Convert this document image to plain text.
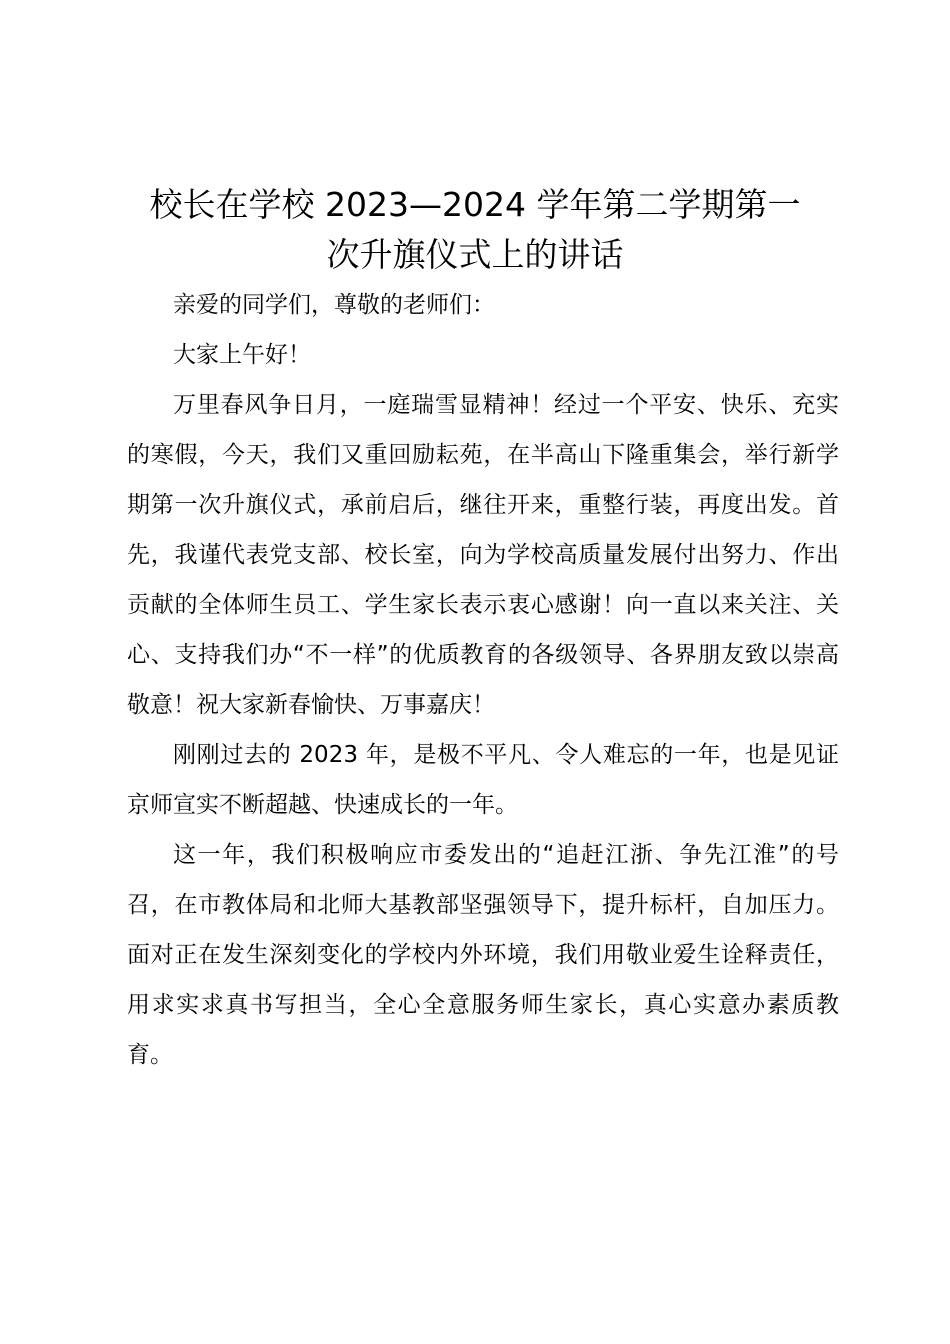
校长在学校 2023—2024 学年第二学期第一
次升旗仪式上的讲话

亲爱的同学们，尊敬的老师们：

大家上午好！

万里春风争日月，一庭瑞雪显精神！经过一个平安、快乐、充实的寒假，今天，我们又重回励耘苑，在半高山下隆重集会，举行新学期第一次升旗仪式，承前启后，继往开来，重整行装，再度出发。首先，我谨代表党支部、校长室，向为学校高质量发展付出努力、作出贡献的全体师生员工、学生家长表示衷心感谢！向一直以来关注、关心、支持我们办“不一样”的优质教育的各级领导、各界朋友致以崇高敬意！祝大家新春愉快、万事嘉庆！

刚刚过去的 2023 年，是极不平凡、令人难忘的一年，也是见证京师宣实不断超越、快速成长的一年。

这一年，我们积极响应市委发出的“追赶江浙、争先江淮”的号召，在市教体局和北师大基教部坚强领导下，提升标杆，自加压力。面对正在发生深刻变化的学校内外环境，我们用敬业爱生诠释责任，用求实求真书写担当，全心全意服务师生家长，真心实意办素质教育。
